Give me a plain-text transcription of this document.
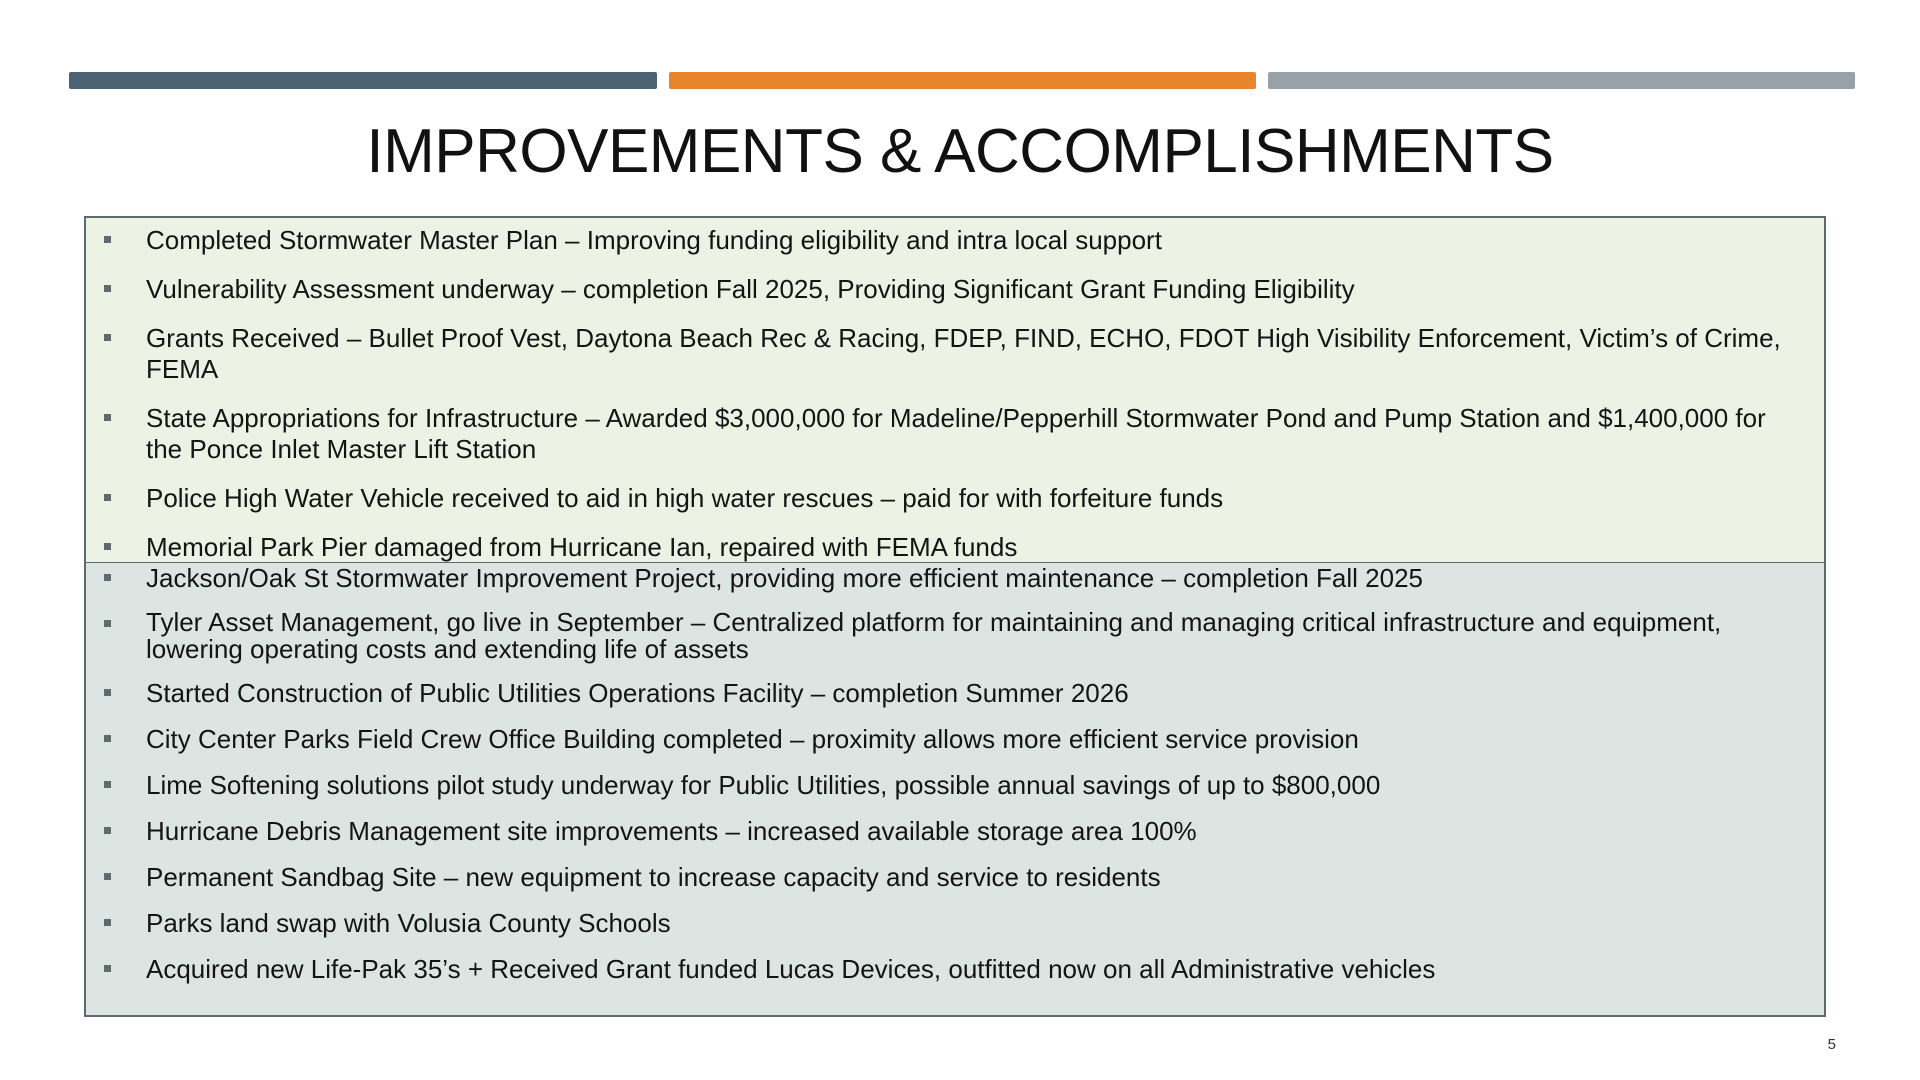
IMPROVEMENTS & ACCOMPLISHMENTS
Completed Stormwater Master Plan – Improving funding eligibility and intra local support
Vulnerability Assessment underway – completion Fall 2025, Providing Significant Grant Funding Eligibility
Grants Received – Bullet Proof Vest, Daytona Beach Rec & Racing, FDEP, FIND, ECHO, FDOT High Visibility Enforcement, Victim’s of Crime, FEMA
State Appropriations for Infrastructure – Awarded $3,000,000 for Madeline/Pepperhill Stormwater Pond and Pump Station and $1,400,000 for the Ponce Inlet Master Lift Station
Police High Water Vehicle received to aid in high water rescues – paid for with forfeiture funds
Memorial Park Pier damaged from Hurricane Ian, repaired with FEMA funds
Jackson/Oak St Stormwater Improvement Project, providing more efficient maintenance – completion Fall 2025
Tyler Asset Management, go live in September – Centralized platform for maintaining and managing critical infrastructure and equipment, lowering operating costs and extending life of assets
Started Construction of Public Utilities Operations Facility – completion Summer 2026
City Center Parks Field Crew Office Building completed – proximity allows more efficient service provision
Lime Softening solutions pilot study underway for Public Utilities, possible annual savings of up to $800,000
Hurricane Debris Management site improvements – increased available storage area 100%
Permanent Sandbag Site – new equipment to increase capacity and service to residents
Parks land swap with Volusia County Schools
Acquired new Life-Pak 35’s + Received Grant funded Lucas Devices, outfitted now on all Administrative vehicles
5
